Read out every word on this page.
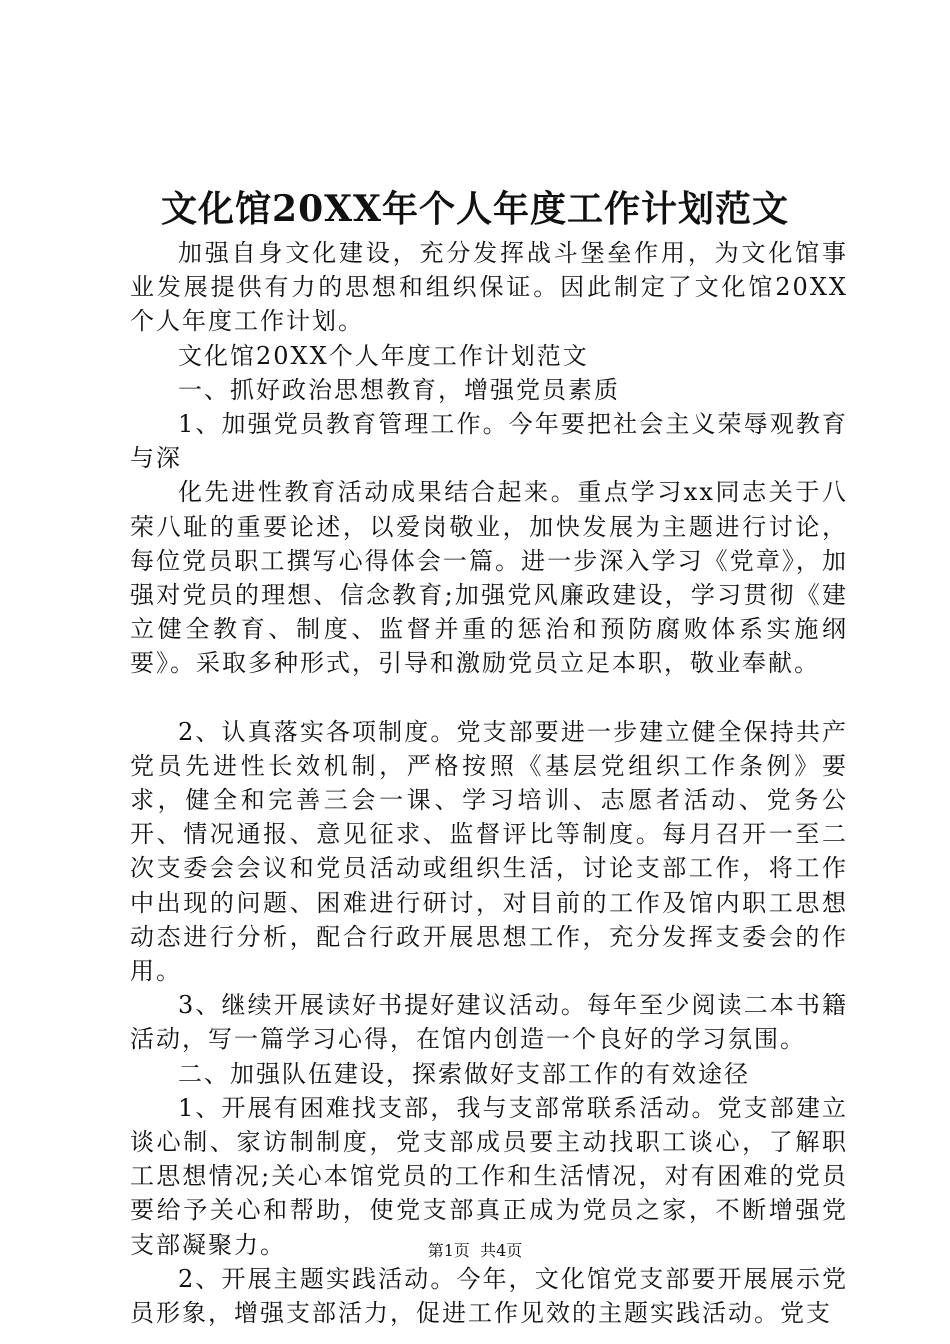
文化馆20XX年个人年度工作计划范文

加强自身文化建设，充分发挥战斗堡垒作用，为文化馆事业发展提供有力的思想和组织保证。因此制定了文化馆20XX个人年度工作计划。

文化馆20XX个人年度工作计划范文

一、抓好政治思想教育，增强党员素质

1、加强党员教育管理工作。今年要把社会主义荣辱观教育与深

化先进性教育活动成果结合起来。重点学习xx同志关于八荣八耻的重要论述，以爱岗敬业，加快发展为主题进行讨论，每位党员职工撰写心得体会一篇。进一步深入学习《党章》，加强对党员的理想、信念教育;加强党风廉政建设，学习贯彻《建立健全教育、制度、监督并重的惩治和预防腐败体系实施纲要》。采取多种形式，引导和激励党员立足本职，敬业奉献。

2、认真落实各项制度。党支部要进一步建立健全保持共产党员先进性长效机制，严格按照《基层党组织工作条例》要求，健全和完善三会一课、学习培训、志愿者活动、党务公开、情况通报、意见征求、监督评比等制度。每月召开一至二次支委会会议和党员活动或组织生活，讨论支部工作，将工作中出现的问题、困难进行研讨，对目前的工作及馆内职工思想动态进行分析，配合行政开展思想工作，充分发挥支委会的作用。

3、继续开展读好书提好建议活动。每年至少阅读二本书籍活动，写一篇学习心得，在馆内创造一个良好的学习氛围。

二、加强队伍建设，探索做好支部工作的有效途径

1、开展有困难找支部，我与支部常联系活动。党支部建立谈心制、家访制制度，党支部成员要主动找职工谈心，了解职工思想情况;关心本馆党员的工作和生活情况，对有困难的党员要给予关心和帮助，使党支部真正成为党员之家，不断增强党支部凝聚力。

2、开展主题实践活动。今年，文化馆党支部要开展展示党员形象，增强支部活力，促进工作见效的主题实践活动。党支

第1页  共4页
